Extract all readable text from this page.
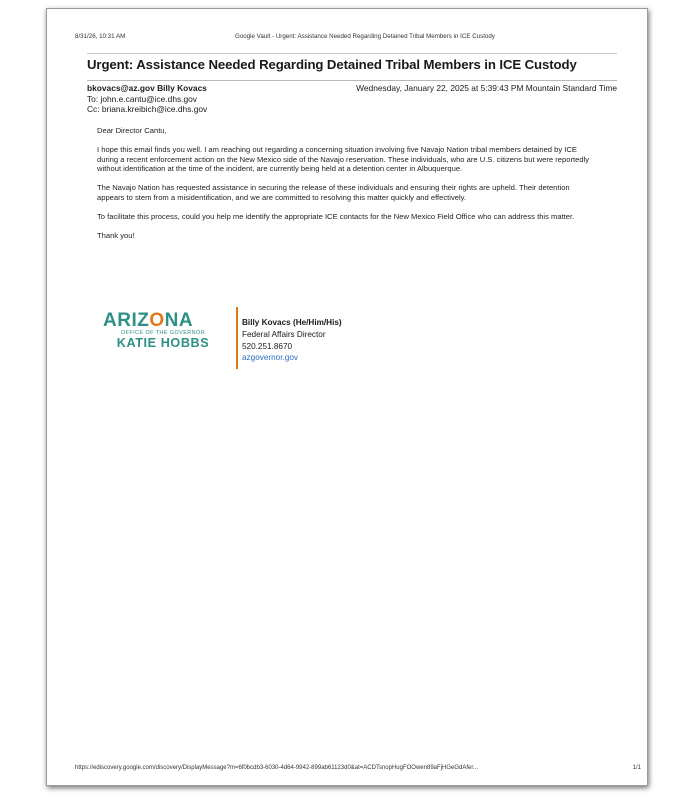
8/31/26, 10:31 AM	Google Vault - Urgent: Assistance Needed Regarding Detained Tribal Members in ICE Custody
Urgent: Assistance Needed Regarding Detained Tribal Members in ICE Custody
bkovacs@az.gov Billy Kovacs
To: john.e.cantu@ice.dhs.gov
Cc: briana.kreibich@ice.dhs.gov
Wednesday, January 22, 2025 at 5:39:43 PM Mountain Standard Time

Dear Director Cantu,

I hope this email finds you well. I am reaching out regarding a concerning situation involving five Navajo Nation tribal members detained by ICE during a recent enforcement action on the New Mexico side of the Navajo reservation. These individuals, who are U.S. citizens but were reportedly without identification at the time of the incident, are currently being held at a detention center in Albuquerque.

The Navajo Nation has requested assistance in securing the release of these individuals and ensuring their rights are upheld. Their detention appears to stem from a misidentification, and we are committed to resolving this matter quickly and effectively.

To facilitate this process, could you help me identify the appropriate ICE contacts for the New Mexico Field Office who can address this matter.

Thank you!

ARIZONA
OFFICE OF THE GOVERNOR
KATIE HOBBS
Billy Kovacs (He/Him/His)
Federal Affairs Director
520.251.8670
azgovernor.gov
https://ediscovery.google.com/discovery/DisplayMessage?m=6f0bcdb3-6030-4d64-9942-899ab61123d0&at=ACDTsnopHugFOOwen89aFjHGeGdAfer...	1/1
